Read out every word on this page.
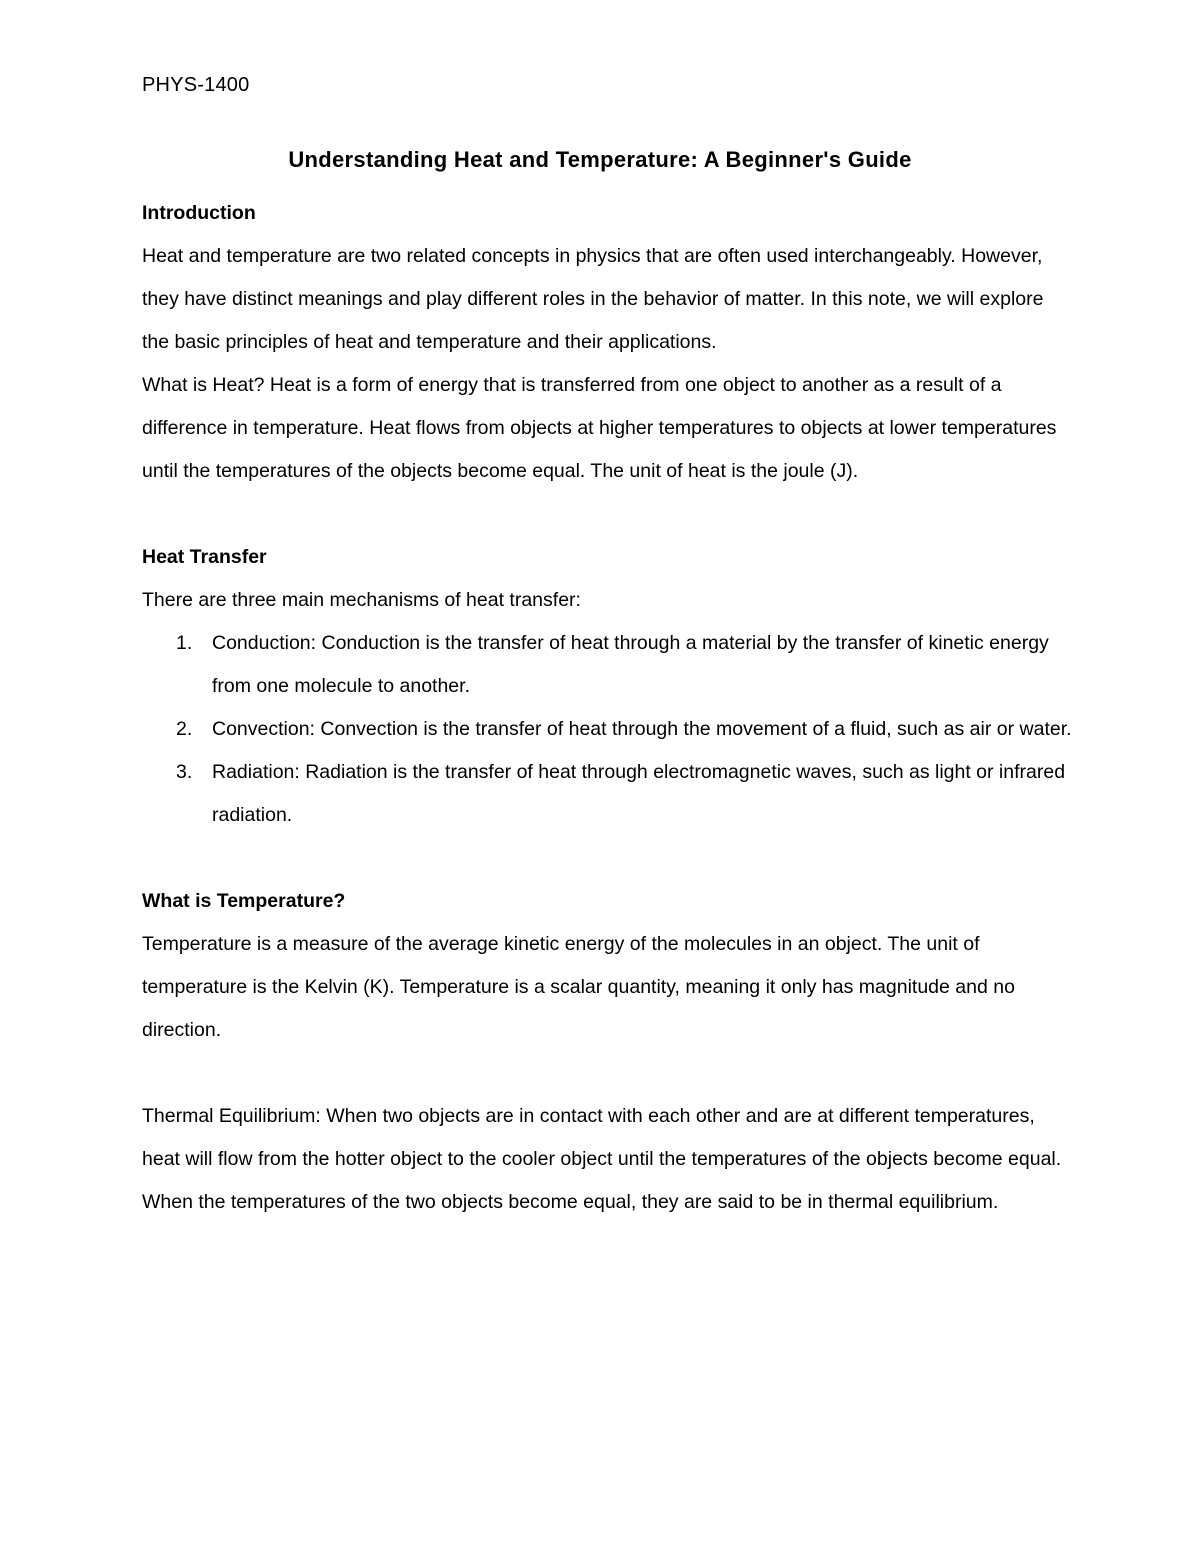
PHYS-1400
Understanding Heat and Temperature: A Beginner's Guide

Introduction

Heat and temperature are two related concepts in physics that are often used interchangeably. However, they have distinct meanings and play different roles in the behavior of matter. In this note, we will explore the basic principles of heat and temperature and their applications.

What is Heat? Heat is a form of energy that is transferred from one object to another as a result of a difference in temperature. Heat flows from objects at higher temperatures to objects at lower temperatures until the temperatures of the objects become equal. The unit of heat is the joule (J).

Heat Transfer

There are three main mechanisms of heat transfer:

1. Conduction: Conduction is the transfer of heat through a material by the transfer of kinetic energy from one molecule to another.
2. Convection: Convection is the transfer of heat through the movement of a fluid, such as air or water.
3. Radiation: Radiation is the transfer of heat through electromagnetic waves, such as light or infrared radiation.

What is Temperature?

Temperature is a measure of the average kinetic energy of the molecules in an object. The unit of temperature is the Kelvin (K). Temperature is a scalar quantity, meaning it only has magnitude and no direction.

Thermal Equilibrium: When two objects are in contact with each other and are at different temperatures, heat will flow from the hotter object to the cooler object until the temperatures of the objects become equal. When the temperatures of the two objects become equal, they are said to be in thermal equilibrium.
